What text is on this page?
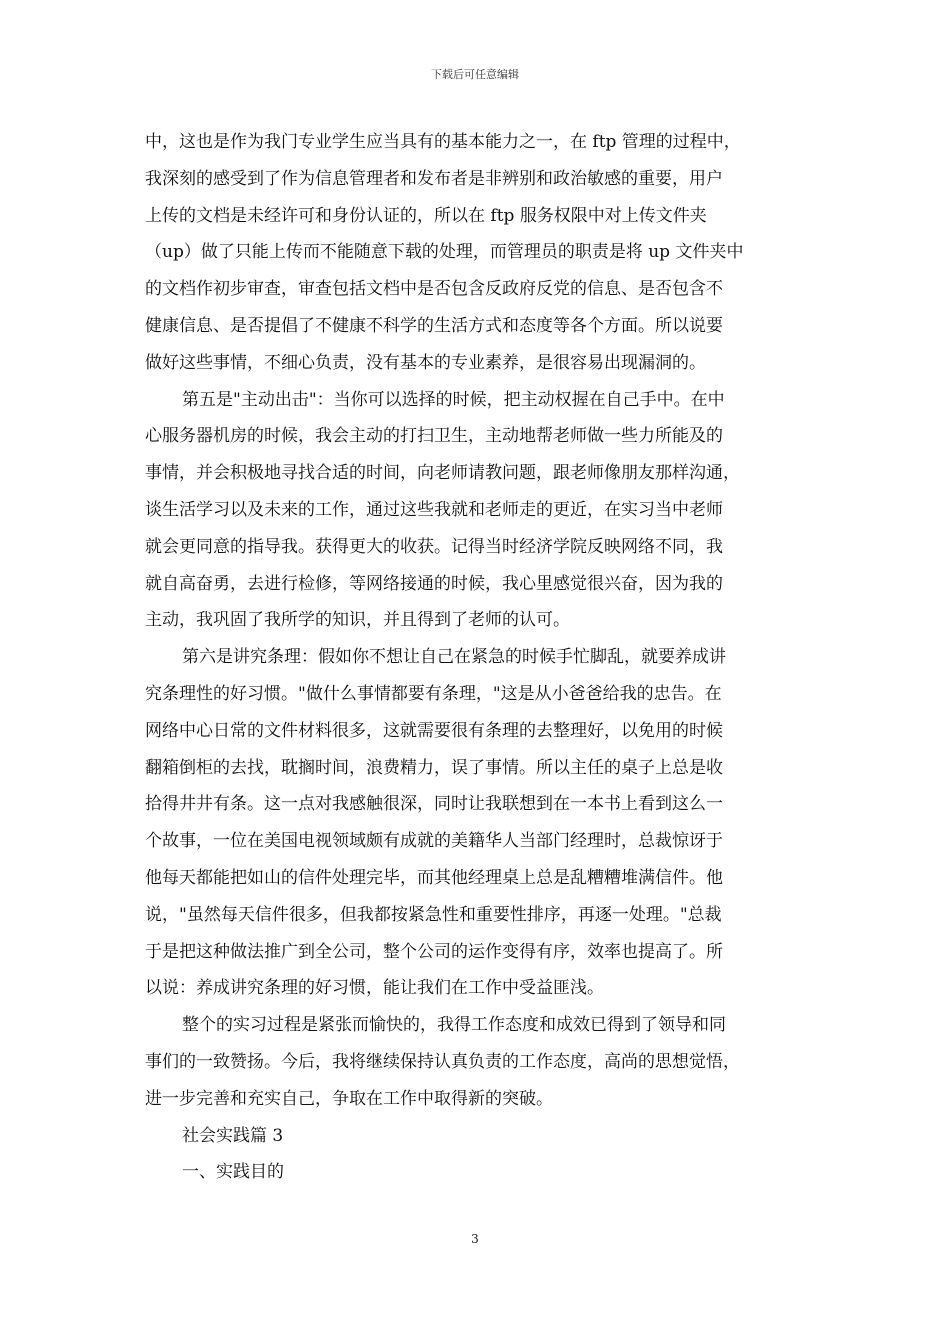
下载后可任意编辑
中，这也是作为我门专业学生应当具有的基本能力之一，在 ftp 管理的过程中，
我深刻的感受到了作为信息管理者和发布者是非辨别和政治敏感的重要，用户
上传的文档是未经许可和身份认证的，所以在 ftp 服务权限中对上传文件夹
（up）做了只能上传而不能随意下载的处理，而管理员的职责是将 up 文件夹中
的文档作初步审查，审查包括文档中是否包含反政府反党的信息、是否包含不
健康信息、是否提倡了不健康不科学的生活方式和态度等各个方面。所以说要
做好这些事情，不细心负责，没有基本的专业素养，是很容易出现漏洞的。
第五是"主动出击"：当你可以选择的时候，把主动权握在自己手中。在中
心服务器机房的时候，我会主动的打扫卫生，主动地帮老师做一些力所能及的
事情，并会积极地寻找合适的时间，向老师请教问题，跟老师像朋友那样沟通，
谈生活学习以及未来的工作，通过这些我就和老师走的更近，在实习当中老师
就会更同意的指导我。获得更大的收获。记得当时经济学院反映网络不同，我
就自高奋勇，去进行检修，等网络接通的时候，我心里感觉很兴奋，因为我的
主动，我巩固了我所学的知识，并且得到了老师的认可。
第六是讲究条理：假如你不想让自己在紧急的时候手忙脚乱，就要养成讲
究条理性的好习惯。"做什么事情都要有条理，"这是从小爸爸给我的忠告。在
网络中心日常的文件材料很多，这就需要很有条理的去整理好，以免用的时候
翻箱倒柜的去找，耽搁时间，浪费精力，误了事情。所以主任的桌子上总是收
拾得井井有条。这一点对我感触很深，同时让我联想到在一本书上看到这么一
个故事，一位在美国电视领域颇有成就的美籍华人当部门经理时，总裁惊讶于
他每天都能把如山的信件处理完毕，而其他经理桌上总是乱糟糟堆满信件。他
说，"虽然每天信件很多，但我都按紧急性和重要性排序，再逐一处理。"总裁
于是把这种做法推广到全公司，整个公司的运作变得有序，效率也提高了。所
以说：养成讲究条理的好习惯，能让我们在工作中受益匪浅。
整个的实习过程是紧张而愉快的，我得工作态度和成效已得到了领导和同
事们的一致赞扬。今后，我将继续保持认真负责的工作态度，高尚的思想觉悟，
进一步完善和充实自己，争取在工作中取得新的突破。
社会实践篇 3
一、实践目的
3
